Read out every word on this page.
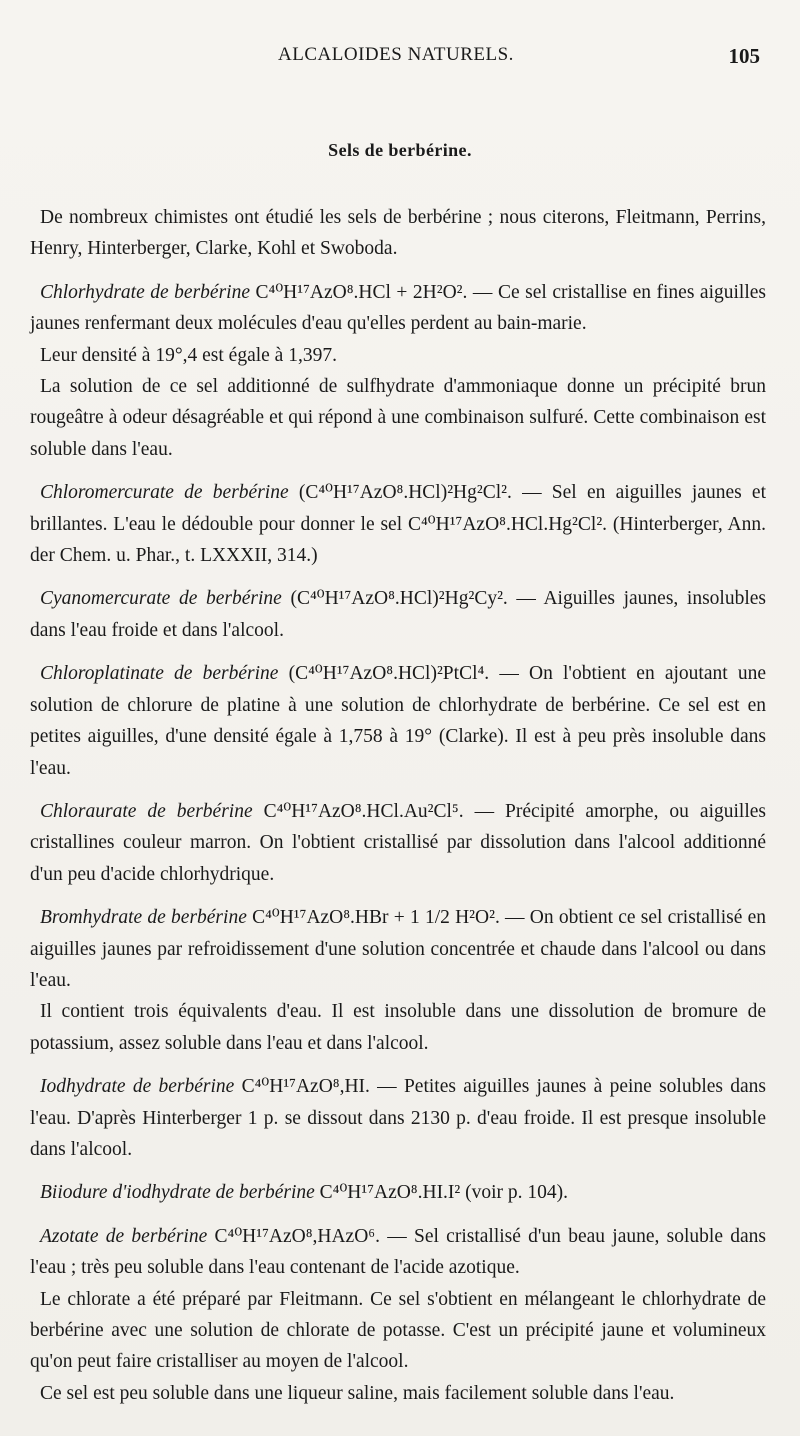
ALCALOIDES NATURELS.	105
Sels de berbérine.

De nombreux chimistes ont étudié les sels de berbérine ; nous citerons, Fleitmann, Perrins, Henry, Hinterberger, Clarke, Kohl et Swoboda.

Chlorhydrate de berbérine C⁴⁰H¹⁷AzO⁸.HCl + 2H²O². — Ce sel cristallise en fines aiguilles jaunes renfermant deux molécules d'eau qu'elles perdent au bain-marie.

Leur densité à 19°,4 est égale à 1,397.

La solution de ce sel additionné de sulfhydrate d'ammoniaque donne un précipité brun rougeâtre à odeur désagréable et qui répond à une combinaison sulfuré. Cette combinaison est soluble dans l'eau.

Chloromercurate de berbérine (C⁴⁰H¹⁷AzO⁸.HCl)²Hg²Cl². — Sel en aiguilles jaunes et brillantes. L'eau le dédouble pour donner le sel C⁴⁰H¹⁷AzO⁸.HCl.Hg²Cl². (Hinterberger, Ann. der Chem. u. Phar., t. LXXXII, 314.)

Cyanomercurate de berbérine (C⁴⁰H¹⁷AzO⁸.HCl)²Hg²Cy². — Aiguilles jaunes, insolubles dans l'eau froide et dans l'alcool.

Chloroplatinate de berbérine (C⁴⁰H¹⁷AzO⁸.HCl)²PtCl⁴. — On l'obtient en ajoutant une solution de chlorure de platine à une solution de chlorhydrate de berbérine. Ce sel est en petites aiguilles, d'une densité égale à 1,758 à 19° (Clarke). Il est à peu près insoluble dans l'eau.

Chloraurate de berbérine C⁴⁰H¹⁷AzO⁸.HCl.Au²Cl⁵. — Précipité amorphe, ou aiguilles cristallines couleur marron. On l'obtient cristallisé par dissolution dans l'alcool additionné d'un peu d'acide chlorhydrique.

Bromhydrate de berbérine C⁴⁰H¹⁷AzO⁸.HBr + 1 1/2 H²O². — On obtient ce sel cristallisé en aiguilles jaunes par refroidissement d'une solution concentrée et chaude dans l'alcool ou dans l'eau.

Il contient trois équivalents d'eau. Il est insoluble dans une dissolution de bromure de potassium, assez soluble dans l'eau et dans l'alcool.

Iodhydrate de berbérine C⁴⁰H¹⁷AzO⁸,HI. — Petites aiguilles jaunes à peine solubles dans l'eau. D'après Hinterberger 1 p. se dissout dans 2130 p. d'eau froide. Il est presque insoluble dans l'alcool.

Biiodure d'iodhydrate de berbérine C⁴⁰H¹⁷AzO⁸.HI.I² (voir p. 104).

Azotate de berbérine C⁴⁰H¹⁷AzO⁸,HAzO⁶. — Sel cristallisé d'un beau jaune, soluble dans l'eau ; très peu soluble dans l'eau contenant de l'acide azotique.

Le chlorate a été préparé par Fleitmann. Ce sel s'obtient en mélangeant le chlorhydrate de berbérine avec une solution de chlorate de potasse. C'est un précipité jaune et volumineux qu'on peut faire cristalliser au moyen de l'alcool.

Ce sel est peu soluble dans une liqueur saline, mais facilement soluble dans l'eau.
